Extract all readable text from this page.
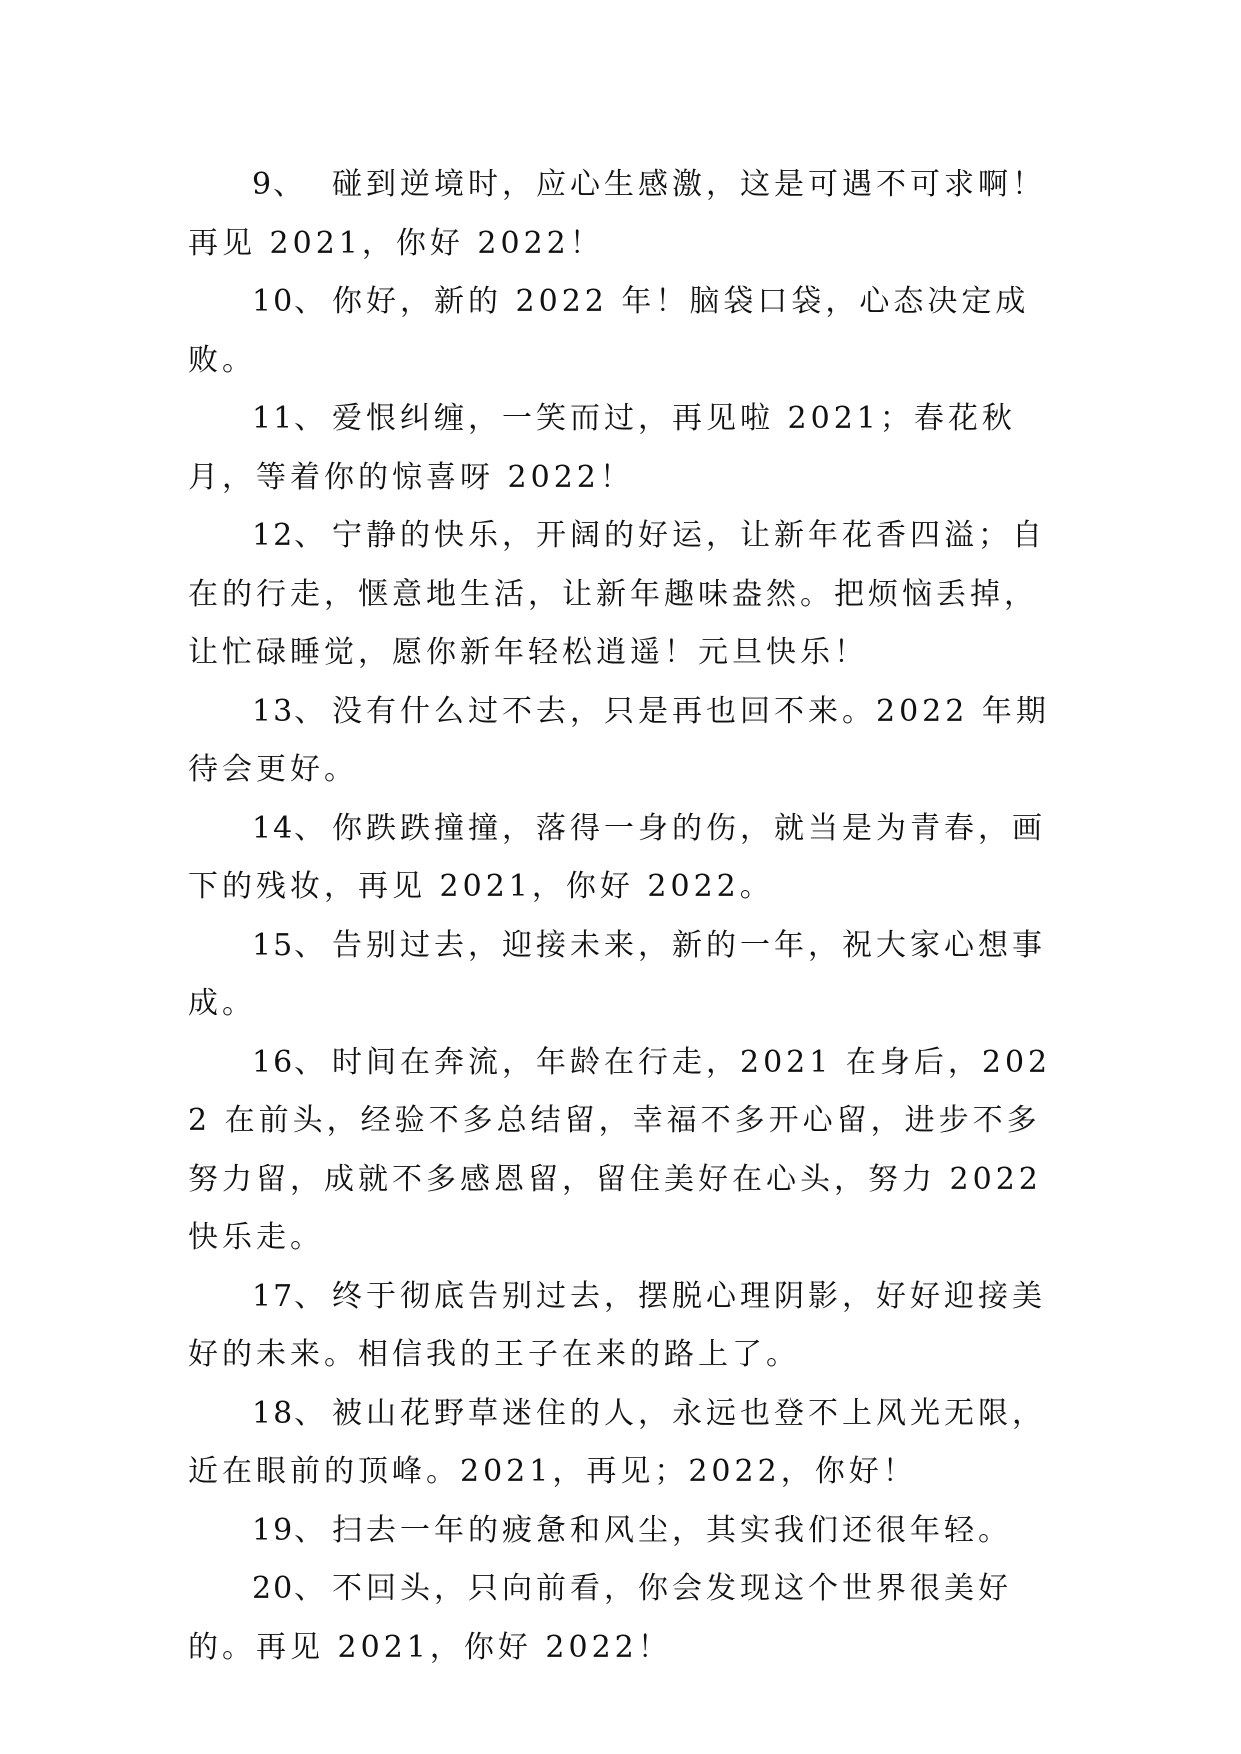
9、 碰到逆境时，应心生感激，这是可遇不可求啊！再见 2021，你好 2022！

10、 你好，新的 2022 年！脑袋口袋，心态决定成败。

11、 爱恨纠缠，一笑而过，再见啦 2021；春花秋月，等着你的惊喜呀 2022！

12、 宁静的快乐，开阔的好运，让新年花香四溢；自在的行走，惬意地生活，让新年趣味盎然。把烦恼丢掉，让忙碌睡觉，愿你新年轻松逍遥！元旦快乐！

13、 没有什么过不去，只是再也回不来。2022 年期待会更好。

14、 你跌跌撞撞，落得一身的伤，就当是为青春，画下的残妆，再见 2021，你好 2022。

15、 告别过去，迎接未来，新的一年，祝大家心想事成。

16、 时间在奔流，年龄在行走，2021 在身后，2022 在前头，经验不多总结留，幸福不多开心留，进步不多努力留，成就不多感恩留，留住美好在心头，努力 2022 快乐走。

17、 终于彻底告别过去，摆脱心理阴影，好好迎接美好的未来。相信我的王子在来的路上了。

18、 被山花野草迷住的人，永远也登不上风光无限，近在眼前的顶峰。2021，再见；2022，你好！

19、 扫去一年的疲惫和风尘，其实我们还很年轻。

20、 不回头，只向前看，你会发现这个世界很美好的。再见 2021，你好 2022！
